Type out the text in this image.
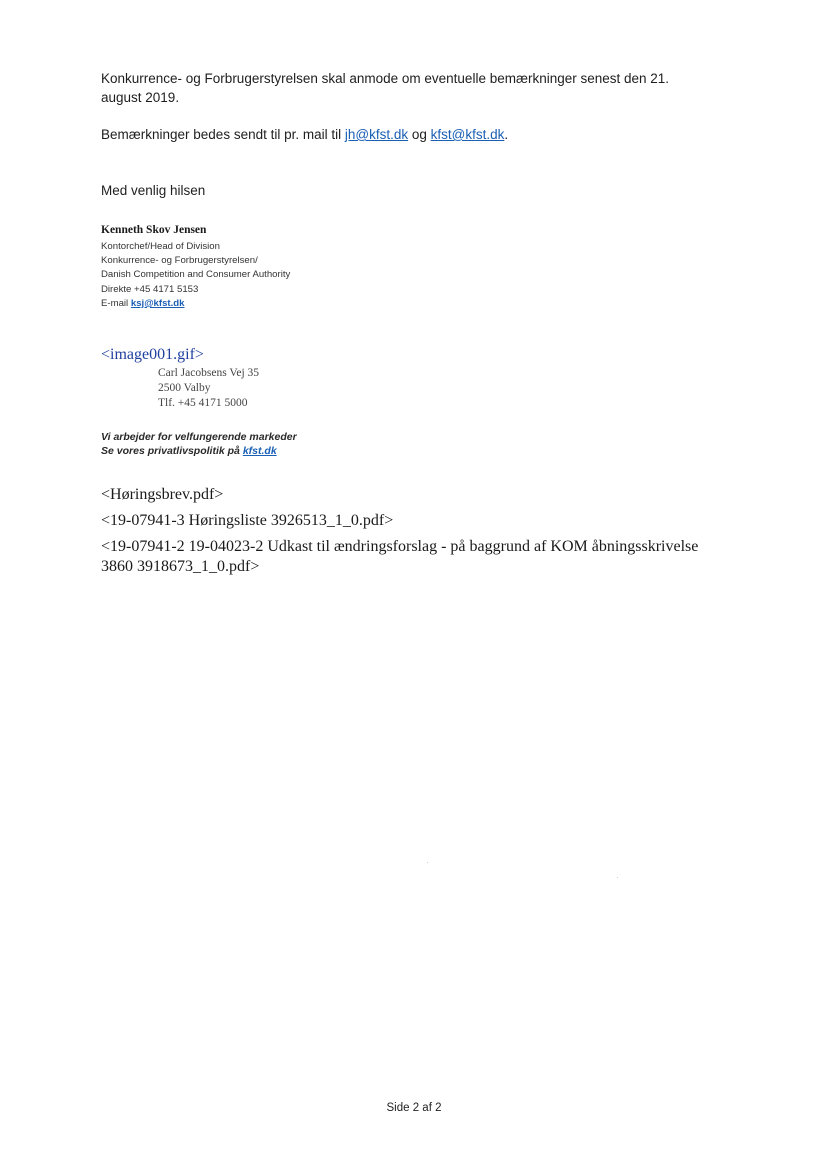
Konkurrence- og Forbrugerstyrelsen skal anmode om eventuelle bemærkninger senest den 21.
august 2019.
Bemærkninger bedes sendt til pr. mail til jh@kfst.dk og kfst@kfst.dk.
Med venlig hilsen
Kenneth Skov Jensen
Kontorchef/Head of Division
Konkurrence- og Forbrugerstyrelsen/
Danish Competition and Consumer Authority
Direkte +45 4171 5153
E-mail ksj@kfst.dk
<image001.gif>
Carl Jacobsens Vej 35
2500 Valby
Tlf. +45 4171 5000
Vi arbejder for velfungerende markeder
Se vores privatlivspolitik på kfst.dk
<Høringsbrev.pdf>
<19-07941-3 Høringsliste 3926513_1_0.pdf>
<19-07941-2 19-04023-2 Udkast til ændringsforslag - på baggrund af KOM åbningsskrivelse
3860 3918673_1_0.pdf>
Side 2 af 2
